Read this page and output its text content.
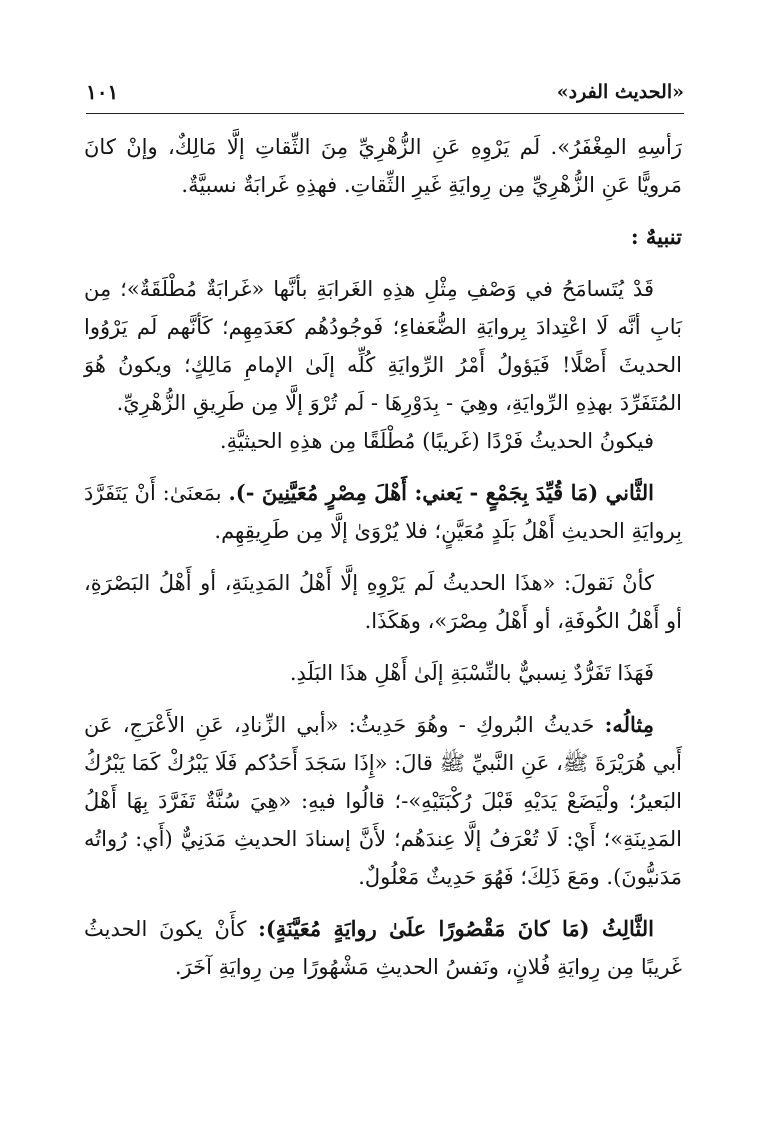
«الحديث الفرد»
١٠١

رَأسِهِ المِغْفَرُ». لَم يَرْوِهِ عَنِ الزُّهْرِيِّ مِنَ الثِّقاتِ إلَّا مَالِكٌ، وإنْ كانَ مَرويًّا عَنِ الزُّهْرِيِّ مِن رِوايَةِ غَيرِ الثِّقاتِ. فهذِهِ غَرابَةٌ نسبيَّةٌ.

تنبيهٌ :

قَدْ يُتَسامَحُ في وَصْفِ مِثْلِ هذِهِ الغَرابَةِ بأنَّها «غَرابَةٌ مُطْلَقَةٌ»؛ مِن بَابِ أنَّه لَا اعْتِدادَ بِروايَةِ الضُّعَفاءِ؛ فَوجُودُهُم كعَدَمِهِم؛ كَأنَّهم لَم يَرْوُوا الحديثَ أَصْلًا! فَيَؤولُ أَمْرُ الرِّوايَةِ كُلِّه إلَىٰ الإمامِ مَالِكٍ؛ ويكونُ هُوَ المُتَفَرِّدَ بهذِهِ الرِّوايَةِ، وهِيَ - بِدَوْرِهَا - لَم تُرْوَ إلَّا مِن طَرِيقِ الزُّهْرِيِّ.

فيكونُ الحديثُ فَرْدًا (غَريبًا) مُطْلَقًا مِن هذِهِ الحيثيَّةِ.

الثَّاني (مَا قُيِّدَ بِجَمْعٍ - يَعني: أَهْلَ مِصْرٍ مُعَيَّنِينَ -). بمَعنَىٰ: أَنْ يَتَفَرَّدَ بِروايَةِ الحديثِ أَهْلُ بَلَدٍ مُعَيَّنٍ؛ فلا يُرْوَىٰ إلَّا مِن طَرِيقِهِم.

كأنْ نَقولَ: «هذَا الحديثُ لَم يَرْوِهِ إلَّا أَهْلُ المَدِينَةِ، أو أَهْلُ البَصْرَةِ، أو أَهْلُ الكُوفَةِ، أو أَهْلُ مِصْرَ»، وهَكَذَا.

فَهَذَا تَفَرُّدٌ نِسبيٌّ بالنِّسْبَةِ إلَىٰ أَهْلِ هذَا البَلَدِ.

مِثالُه: حَديثُ البُروكِ - وهُوَ حَدِيثُ: «أبي الزِّنادِ، عَنِ الأَعْرَجِ، عَن أَبي هُرَيْرَةَ ﷺ، عَنِ النَّبيِّ ﷺ قالَ: «إِذَا سَجَدَ أَحَدُكم فَلَا يَبْرُكْ كَمَا يَبْرُكُ البَعيرُ؛ ولْيَضَعْ يَدَيْهِ قَبْلَ رُكْبَتَيْهِ»-؛ قالُوا فيهِ: «هِيَ سُنَّةٌ تَفَرَّدَ بِهَا أَهْلُ المَدِينَةِ»؛ أَيْ: لَا تُعْرَفُ إلَّا عِندَهُم؛ لأَنَّ إسنادَ الحديثِ مَدَنِيٌّ (أَي: رُواتُه مَدَنيُّونَ). ومَعَ ذَلِكَ؛ فَهُوَ حَدِيثٌ مَعْلُولٌ.

الثَّالِثُ (مَا كانَ مَقْصُورًا علَىٰ روايَةٍ مُعَيَّنَةٍ): كأَنْ يكونَ الحديثُ غَريبًا مِن رِوايَةِ فُلانٍ، ونَفسُ الحديثِ مَشْهُورًا مِن رِوايَةِ آخَرَ.
